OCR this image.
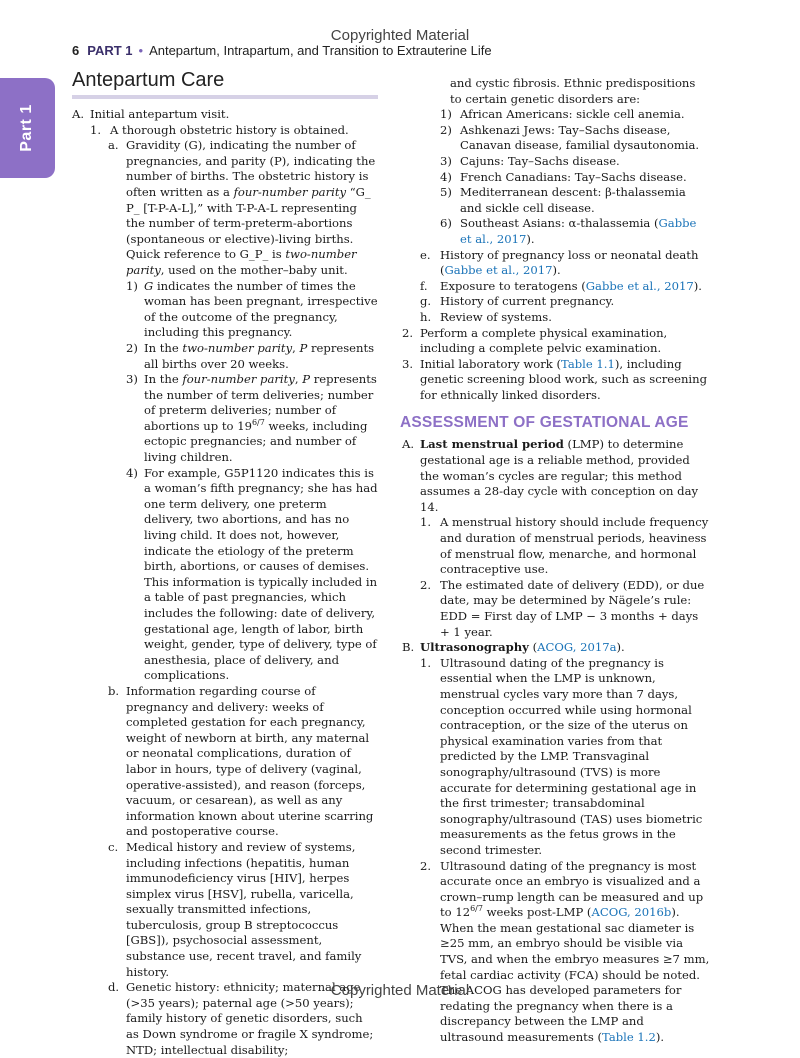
Copyrighted Material
6 PART 1 • Antepartum, Intrapartum, and Transition to Extrauterine Life
Part 1
Antepartum Care
A. Initial antepartum visit.
1. A thorough obstetric history is obtained.
a. Gravidity (G), indicating the number of pregnancies, and parity (P), indicating the number of births. The obstetric history is often written as a four-number parity “G_ P_ [T-P-A-L],” with T-P-A-L representing the number of term-preterm-abortions (spontaneous or elective)-living births. Quick reference to G_P_ is two-number parity, used on the mother–baby unit.
1) G indicates the number of times the woman has been pregnant, irrespective of the outcome of the pregnancy, including this pregnancy.
2) In the two-number parity, P represents all births over 20 weeks.
3) In the four-number parity, P represents the number of term deliveries; number of preterm deliveries; number of abortions up to $19^{6/7}$ weeks, including ectopic pregnancies; and number of living children.
4) For example, G5P1120 indicates this is a woman’s fifth pregnancy; she has had one term delivery, one preterm delivery, two abortions, and has no living child. It does not, however, indicate the etiology of the preterm birth, abortions, or causes of demises. This information is typically included in a table of past pregnancies, which includes the following: date of delivery, gestational age, length of labor, birth weight, gender, type of delivery, type of anesthesia, place of delivery, and complications.
b. Information regarding course of pregnancy and delivery: weeks of completed gestation for each pregnancy, weight of newborn at birth, any maternal or neonatal complications, duration of labor in hours, type of delivery (vaginal, operative-assisted), and reason (forceps, vacuum, or cesarean), as well as any information known about uterine scarring and postoperative course.
c. Medical history and review of systems, including infections (hepatitis, human immunodeficiency virus [HIV], herpes simplex virus [HSV], rubella, varicella, sexually transmitted infections, tuberculosis, group B streptococcus [GBS]), psychosocial assessment, substance use, recent travel, and family history.
d. Genetic history: ethnicity; maternal age (>35 years); paternal age (>50 years); family history of genetic disorders, such as Down syndrome or fragile X syndrome; NTD; intellectual disability;
and cystic fibrosis. Ethnic predispositions to certain genetic disorders are:
1) African Americans: sickle cell anemia.
2) Ashkenazi Jews: Tay–Sachs disease, Canavan disease, familial dysautonomia.
3) Cajuns: Tay–Sachs disease.
4) French Canadians: Tay–Sachs disease.
5) Mediterranean descent: β-thalassemia and sickle cell disease.
6) Southeast Asians: α-thalassemia (Gabbe et al., 2017).
e. History of pregnancy loss or neonatal death (Gabbe et al., 2017).
f. Exposure to teratogens (Gabbe et al., 2017).
g. History of current pregnancy.
h. Review of systems.
2. Perform a complete physical examination, including a complete pelvic examination.
3. Initial laboratory work (Table 1.1), including genetic screening blood work, such as screening for ethnically linked disorders.
ASSESSMENT OF GESTATIONAL AGE
A. Last menstrual period (LMP) to determine gestational age is a reliable method, provided the woman’s cycles are regular; this method assumes a 28-day cycle with conception on day 14.
1. A menstrual history should include frequency and duration of menstrual periods, heaviness of menstrual flow, menarche, and hormonal contraceptive use.
2. The estimated date of delivery (EDD), or due date, may be determined by Nägele’s rule: EDD = First day of LMP − 3 months + days + 1 year.
B. Ultrasonography (ACOG, 2017a).
1. Ultrasound dating of the pregnancy is essential when the LMP is unknown, menstrual cycles vary more than 7 days, conception occurred while using hormonal contraception, or the size of the uterus on physical examination varies from that predicted by the LMP. Transvaginal sonography/ultrasound (TVS) is more accurate for determining gestational age in the first trimester; transabdominal sonography/ultrasound (TAS) uses biometric measurements as the fetus grows in the second trimester.
2. Ultrasound dating of the pregnancy is most accurate once an embryo is visualized and a crown–rump length can be measured and up to $12^{6/7}$ weeks post-LMP (ACOG, 2016b). When the mean gestational sac diameter is ≥25 mm, an embryo should be visible via TVS, and when the embryo measures ≥7 mm, fetal cardiac activity (FCA) should be noted. The ACOG has developed parameters for redating the pregnancy when there is a discrepancy between the LMP and ultrasound measurements (Table 1.2).
Copyrighted Material
